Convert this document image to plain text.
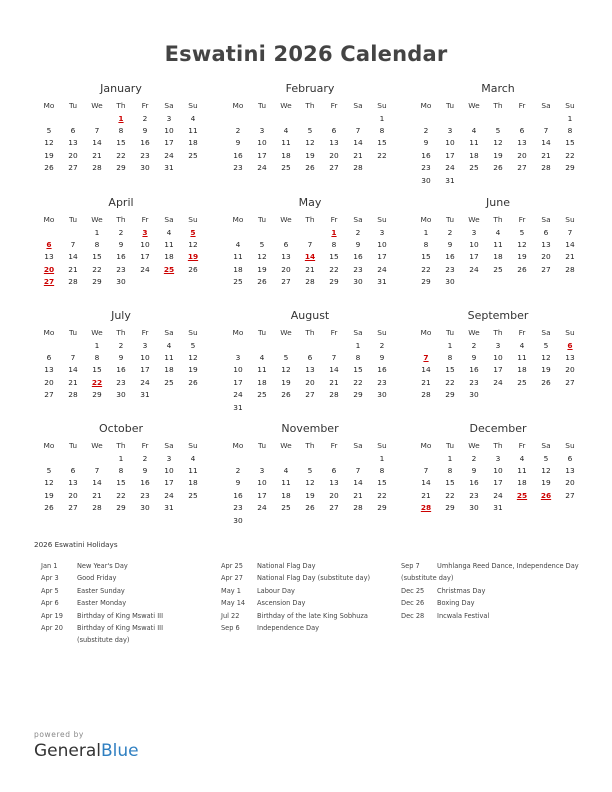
Eswatini 2026 Calendar
January
Mo	Tu	We	Th	Fr	Sa	Su
			1	2	3	4
5	6	7	8	9	10	11
12	13	14	15	16	17	18
19	20	21	22	23	24	25
26	27	28	29	30	31	
February
Mo	Tu	We	Th	Fr	Sa	Su
						1
2	3	4	5	6	7	8
9	10	11	12	13	14	15
16	17	18	19	20	21	22
23	24	25	26	27	28	
March
Mo	Tu	We	Th	Fr	Sa	Su
						1
2	3	4	5	6	7	8
9	10	11	12	13	14	15
16	17	18	19	20	21	22
23	24	25	26	27	28	29
30	31					
April
Mo	Tu	We	Th	Fr	Sa	Su
		1	2	3	4	5
6	7	8	9	10	11	12
13	14	15	16	17	18	19
20	21	22	23	24	25	26
27	28	29	30			
May
Mo	Tu	We	Th	Fr	Sa	Su
				1	2	3
4	5	6	7	8	9	10
11	12	13	14	15	16	17
18	19	20	21	22	23	24
25	26	27	28	29	30	31
June
Mo	Tu	We	Th	Fr	Sa	Su
1	2	3	4	5	6	7
8	9	10	11	12	13	14
15	16	17	18	19	20	21
22	23	24	25	26	27	28
29	30					
July
Mo	Tu	We	Th	Fr	Sa	Su
		1	2	3	4	5
6	7	8	9	10	11	12
13	14	15	16	17	18	19
20	21	22	23	24	25	26
27	28	29	30	31		
August
Mo	Tu	We	Th	Fr	Sa	Su
					1	2
3	4	5	6	7	8	9
10	11	12	13	14	15	16
17	18	19	20	21	22	23
24	25	26	27	28	29	30
31						
September
Mo	Tu	We	Th	Fr	Sa	Su
	1	2	3	4	5	6
7	8	9	10	11	12	13
14	15	16	17	18	19	20
21	22	23	24	25	26	27
28	29	30				
October
Mo	Tu	We	Th	Fr	Sa	Su
			1	2	3	4
5	6	7	8	9	10	11
12	13	14	15	16	17	18
19	20	21	22	23	24	25
26	27	28	29	30	31	
November
Mo	Tu	We	Th	Fr	Sa	Su
						1
2	3	4	5	6	7	8
9	10	11	12	13	14	15
16	17	18	19	20	21	22
23	24	25	26	27	28	29
30						
December
Mo	Tu	We	Th	Fr	Sa	Su
	1	2	3	4	5	6
7	8	9	10	11	12	13
14	15	16	17	18	19	20
21	22	23	24	25	26	27
28	29	30	31			
2026 Eswatini Holidays
Jan 1	New Year's Day
Apr 3	Good Friday
Apr 5	Easter Sunday
Apr 6	Easter Monday
Apr 19	Birthday of King Mswati III
Apr 20	Birthday of King Mswati III (substitute day)
Apr 25	National Flag Day
Apr 27	National Flag Day (substitute day)
May 1	Labour Day
May 14	Ascension Day
Jul 22	Birthday of the late King Sobhuza
Sep 6	Independence Day
Sep 7	Umhlanga Reed Dance, Independence Day (substitute day)
Dec 25	Christmas Day
Dec 26	Boxing Day
Dec 28	Incwala Festival
powered by
GeneralBlue
